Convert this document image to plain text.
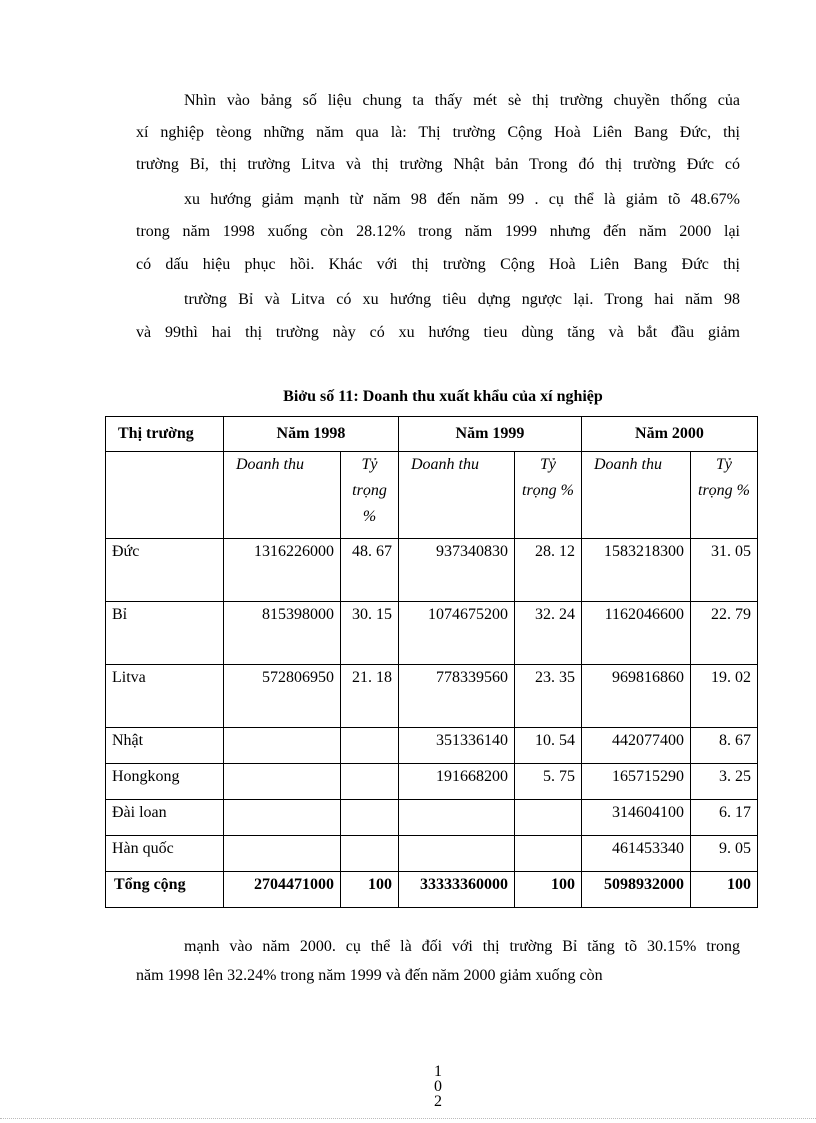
Nhìn vào bảng số liệu chung ta thấy mét sè thị trường chuyền thống của
xí nghiệp tèong những năm qua là: Thị trường Cộng Hoà Liên Bang Đức, thị
trường Bỉ, thị trường Litva và thị trường Nhật bản Trong đó thị trường Đức có
xu hướng giảm mạnh từ năm 98 đến năm 99 . cụ thể là giảm tõ 48.67%
trong năm 1998 xuống còn 28.12% trong năm 1999 nhưng đến năm 2000 lại
có dấu hiệu phục hồi. Khác với thị trường Cộng Hoà Liên Bang Đức thị
trường Bỉ và Litva có xu hướng tiêu dựng ngược lại. Trong hai năm 98
và 99thì hai thị trường này có xu hướng tieu dùng tăng và bắt đầu giảm
Biởu số 11: Doanh thu xuất khẩu của xí nghiệp
Thị trường	Năm 1998		Năm 1999		Năm 2000	
	Doanh thu	Tỷ trọng %	Doanh thu	Tỷ trọng %	Doanh thu	Tỷ trọng %
Đức	1316226000	48. 67	937340830	28. 12	1583218300	31. 05
Bỉ	815398000	30. 15	1074675200	32. 24	1162046600	22. 79
Litva	572806950	21. 18	778339560	23. 35	969816860	19. 02
Nhật			351336140	10. 54	442077400	8. 67
Hongkong			191668200	5. 75	165715290	3. 25
Đài loan					314604100	6. 17
Hàn quốc					461453340	9. 05
Tổng cộng	2704471000	100	33333360000	100	5098932000	100
mạnh vào năm 2000. cụ thể là đối với thị trường Bỉ tăng tõ 30.15% trong
năm 1998 lên 32.24% trong năm 1999 và đến năm 2000 giảm xuống còn
1
0
2
